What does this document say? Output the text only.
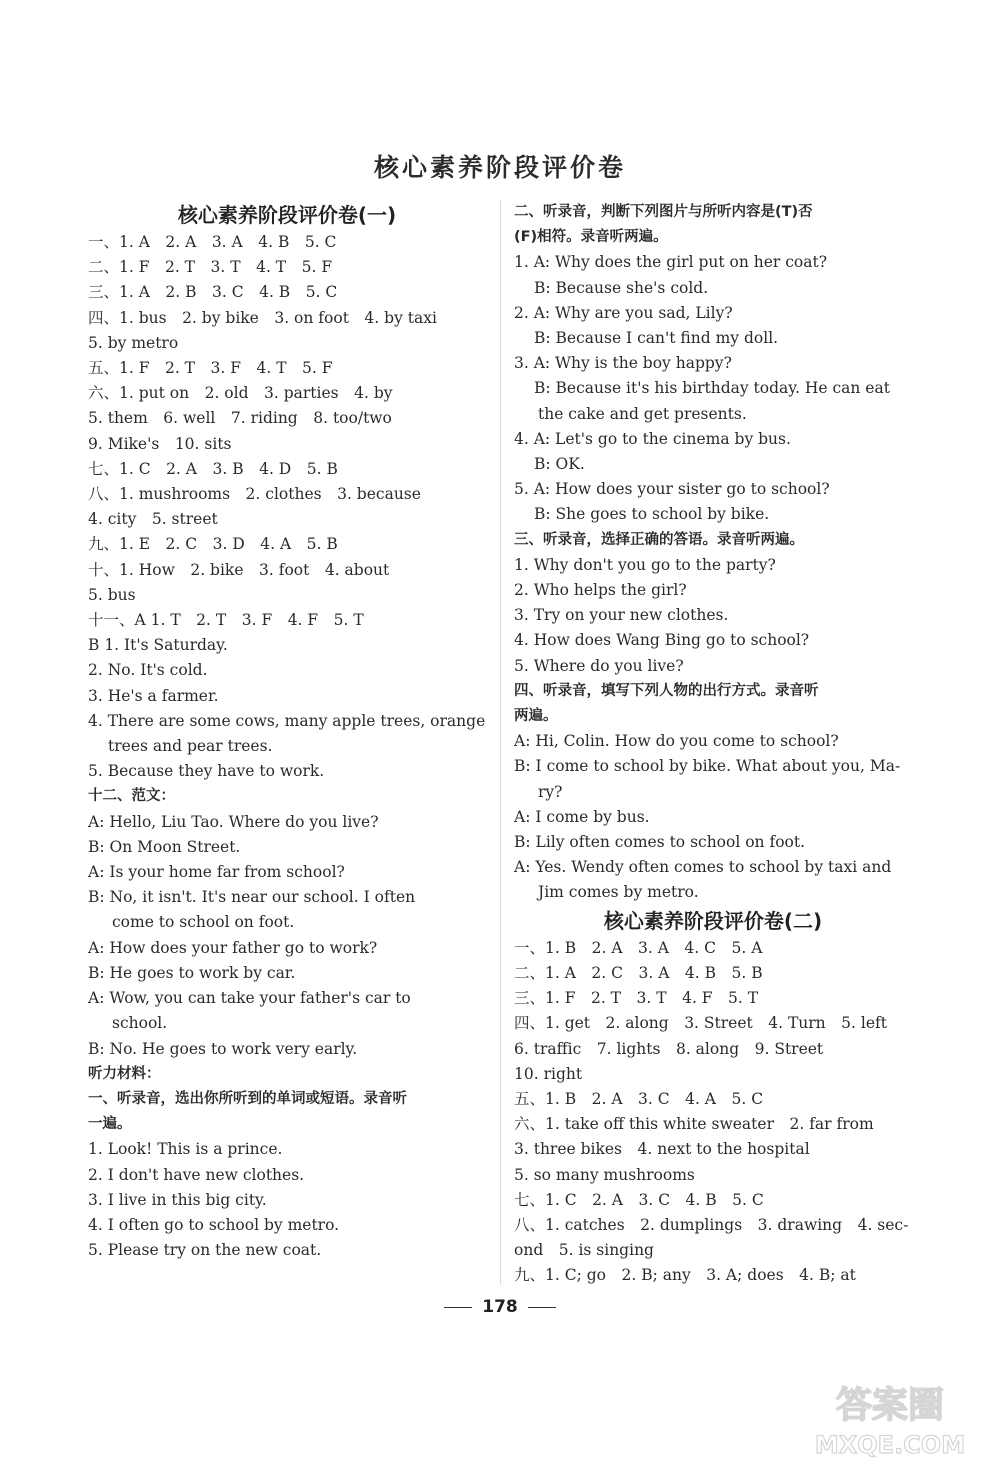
核心素养阶段评价卷
核心素养阶段评价卷(一)
一、1. A　2. A　3. A　4. B　5. C
二、1. F　2. T　3. T　4. T　5. F
三、1. A　2. B　3. C　4. B　5. C
四、1. bus　2. by bike　3. on foot　4. by taxi
5. by metro
五、1. F　2. T　3. F　4. T　5. F
六、1. put on　2. old　3. parties　4. by
5. them　6. well　7. riding　8. too/two
9. Mike's　10. sits
七、1. C　2. A　3. B　4. D　5. B
八、1. mushrooms　2. clothes　3. because
4. city　5. street
九、1. E　2. C　3. D　4. A　5. B
十、1. How　2. bike　3. foot　4. about
5. bus
十一、A 1. T　2. T　3. F　4. F　5. T
B 1. It's Saturday.
2. No. It's cold.
3. He's a farmer.
4. There are some cows, many apple trees, orange
trees and pear trees.
5. Because they have to work.
十二、范文：
A: Hello, Liu Tao. Where do you live?
B: On Moon Street.
A: Is your home far from school?
B: No, it isn't. It's near our school. I often
come to school on foot.
A: How does your father go to work?
B: He goes to work by car.
A: Wow, you can take your father's car to
school.
B: No. He goes to work very early.
听力材料：
一、听录音，选出你所听到的单词或短语。录音听
一遍。
1. Look! This is a prince.
2. I don't have new clothes.
3. I live in this big city.
4. I often go to school by metro.
5. Please try on the new coat.
二、听录音，判断下列图片与所听内容是(T)否
(F)相符。录音听两遍。
1. A: Why does the girl put on her coat?
B: Because she's cold.
2. A: Why are you sad, Lily?
B: Because I can't find my doll.
3. A: Why is the boy happy?
B: Because it's his birthday today. He can eat
the cake and get presents.
4. A: Let's go to the cinema by bus.
B: OK.
5. A: How does your sister go to school?
B: She goes to school by bike.
三、听录音，选择正确的答语。录音听两遍。
1. Why don't you go to the party?
2. Who helps the girl?
3. Try on your new clothes.
4. How does Wang Bing go to school?
5. Where do you live?
四、听录音，填写下列人物的出行方式。录音听
两遍。
A: Hi, Colin. How do you come to school?
B: I come to school by bike. What about you, Ma-
ry?
A: I come by bus.
B: Lily often comes to school on foot.
A: Yes. Wendy often comes to school by taxi and
Jim comes by metro.
核心素养阶段评价卷(二)
一、1. B　2. A　3. A　4. C　5. A
二、1. A　2. C　3. A　4. B　5. B
三、1. F　2. T　3. T　4. F　5. T
四、1. get　2. along　3. Street　4. Turn　5. left
6. traffic　7. lights　8. along　9. Street
10. right
五、1. B　2. A　3. C　4. A　5. C
六、1. take off this white sweater　2. far from
3. three bikes　4. next to the hospital
5. so many mushrooms
七、1. C　2. A　3. C　4. B　5. C
八、1. catches　2. dumplings　3. drawing　4. sec-
ond　5. is singing
九、1. C; go　2. B; any　3. A; does　4. B; at
178
答案圈
MXQE.COM
